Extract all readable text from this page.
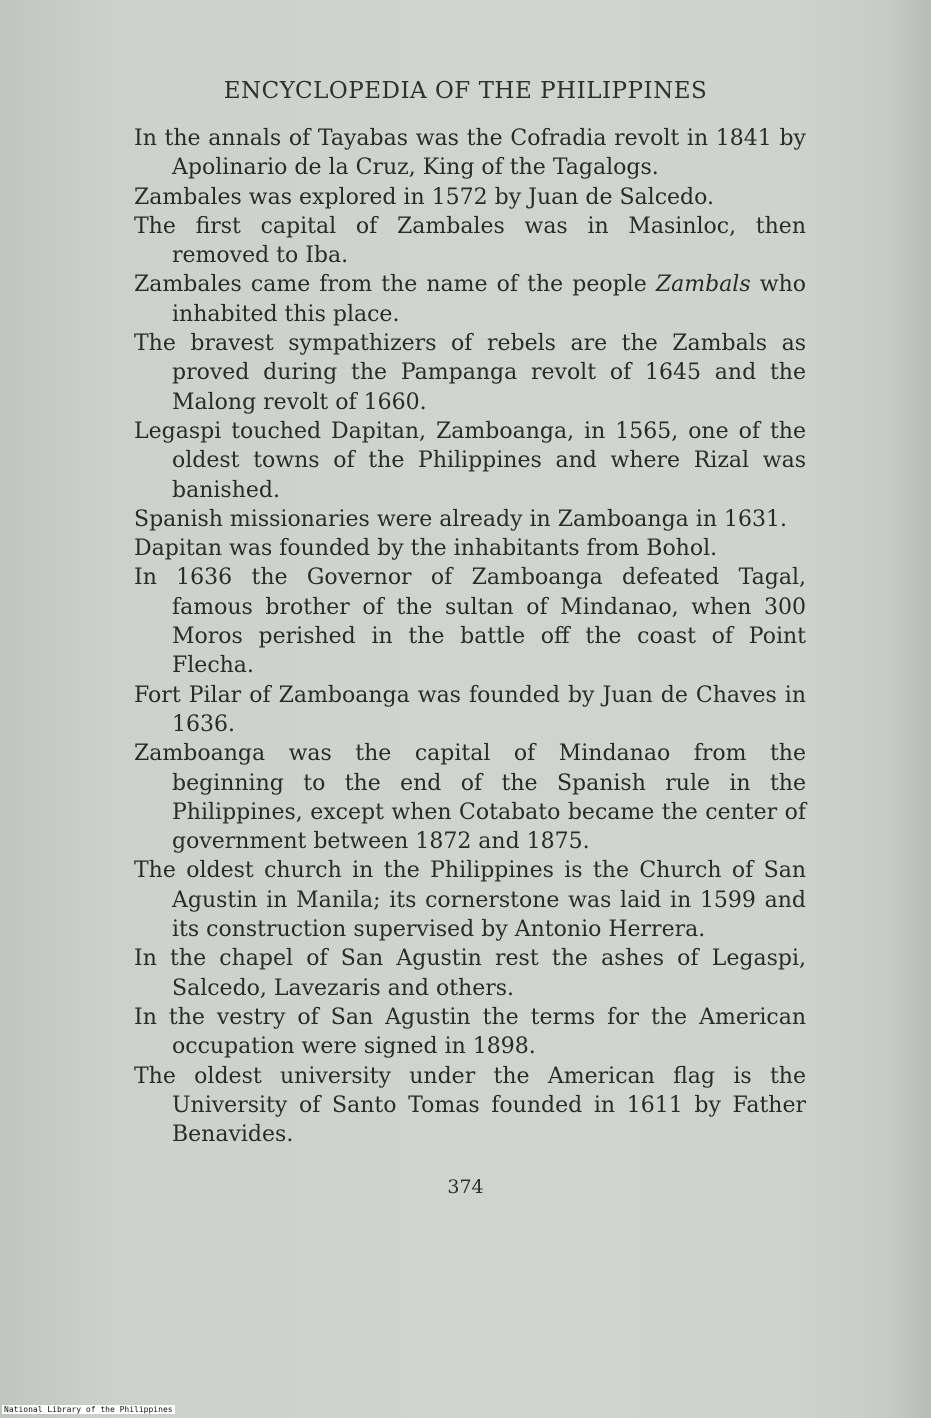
ENCYCLOPEDIA OF THE PHILIPPINES

In the annals of Tayabas was the Cofradia revolt in 1841 by Apolinario de la Cruz, King of the Tagalogs.

Zambales was explored in 1572 by Juan de Salcedo.

The first capital of Zambales was in Masinloc, then removed to Iba.

Zambales came from the name of the people Zambals who inhabited this place.

The bravest sympathizers of rebels are the Zambals as proved during the Pampanga revolt of 1645 and the Malong revolt of 1660.

Legaspi touched Dapitan, Zamboanga, in 1565, one of the oldest towns of the Philippines and where Rizal was banished.

Spanish missionaries were already in Zamboanga in 1631.

Dapitan was founded by the inhabitants from Bohol.

In 1636 the Governor of Zamboanga defeated Tagal, famous brother of the sultan of Mindanao, when 300 Moros perished in the battle off the coast of Point Flecha.

Fort Pilar of Zamboanga was founded by Juan de Chaves in 1636.

Zamboanga was the capital of Mindanao from the beginning to the end of the Spanish rule in the Philippines, except when Cotabato became the center of government between 1872 and 1875.

The oldest church in the Philippines is the Church of San Agustin in Manila; its cornerstone was laid in 1599 and its construction supervised by Antonio Herrera.

In the chapel of San Agustin rest the ashes of Legaspi, Salcedo, Lavezaris and others.

In the vestry of San Agustin the terms for the American occupation were signed in 1898.

The oldest university under the American flag is the University of Santo Tomas founded in 1611 by Father Benavides.

374
National Library of the Philippines
